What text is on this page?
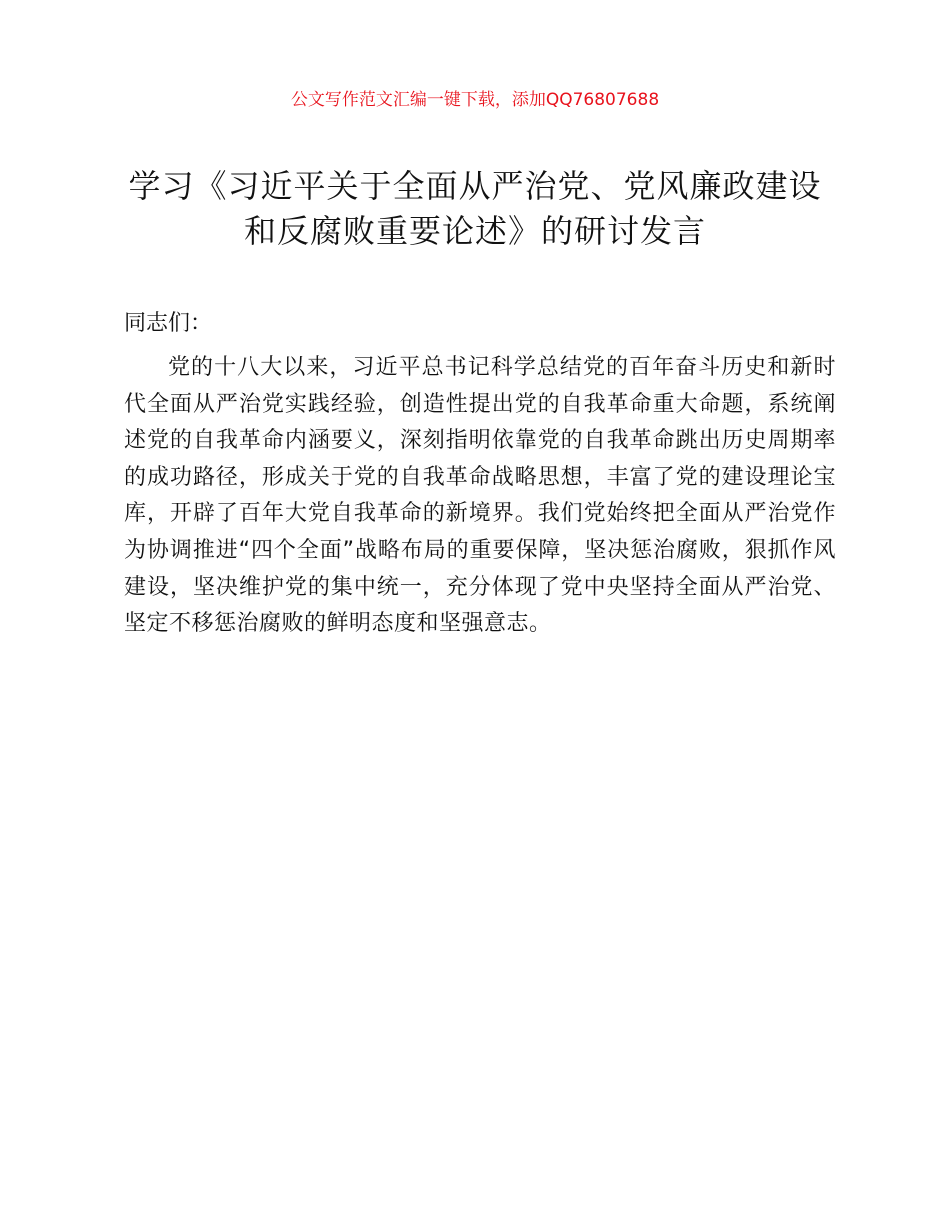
公文写作范文汇编一键下载，添加QQ76807688
学习《习近平关于全面从严治党、党风廉政建设和反腐败重要论述》的研讨发言

同志们：

党的十八大以来，习近平总书记科学总结党的百年奋斗历史和新时代全面从严治党实践经验，创造性提出党的自我革命重大命题，系统阐述党的自我革命内涵要义，深刻指明依靠党的自我革命跳出历史周期率的成功路径，形成关于党的自我革命战略思想，丰富了党的建设理论宝库，开辟了百年大党自我革命的新境界。我们党始终把全面从严治党作为协调推进“四个全面”战略布局的重要保障，坚决惩治腐败，狠抓作风建设，坚决维护党的集中统一，充分体现了党中央坚持全面从严治党、坚定不移惩治腐败的鲜明态度和坚强意志。
